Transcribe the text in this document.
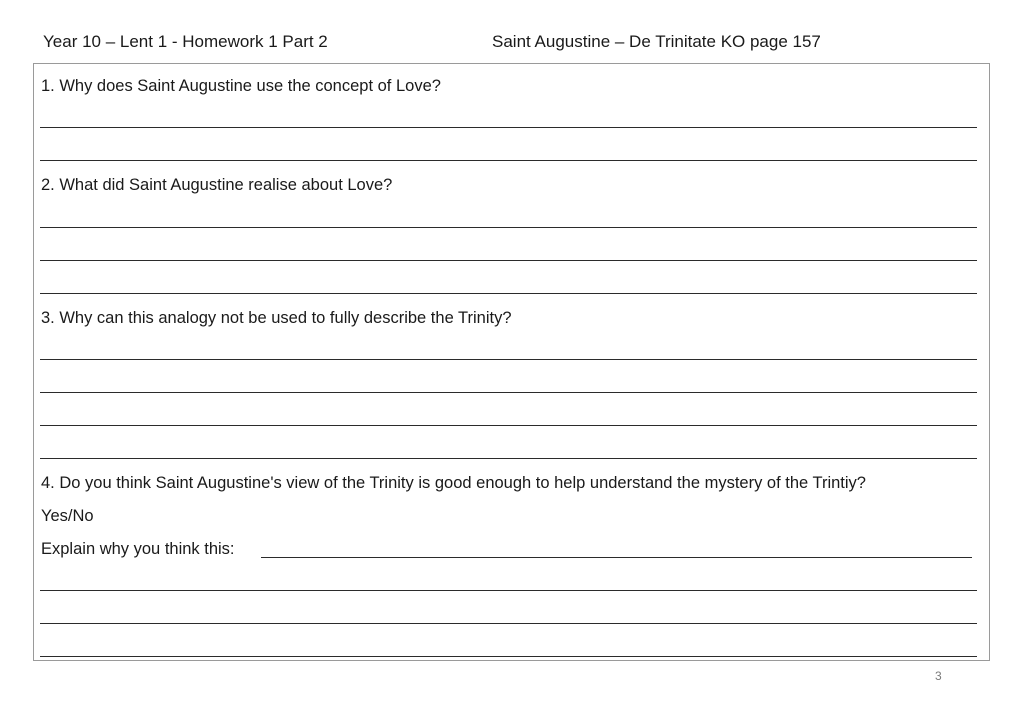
Year 10 – Lent 1 - Homework 1 Part 2	Saint Augustine – De Trinitate KO page 157
1. Why does Saint Augustine use the concept of Love?
2. What did Saint Augustine realise about Love?
3. Why can this analogy not be used to fully describe the Trinity?
4. Do you think Saint Augustine's view of the Trinity is good enough to help understand the mystery of the Trintiy?
Yes/No
Explain why you think this:
3
